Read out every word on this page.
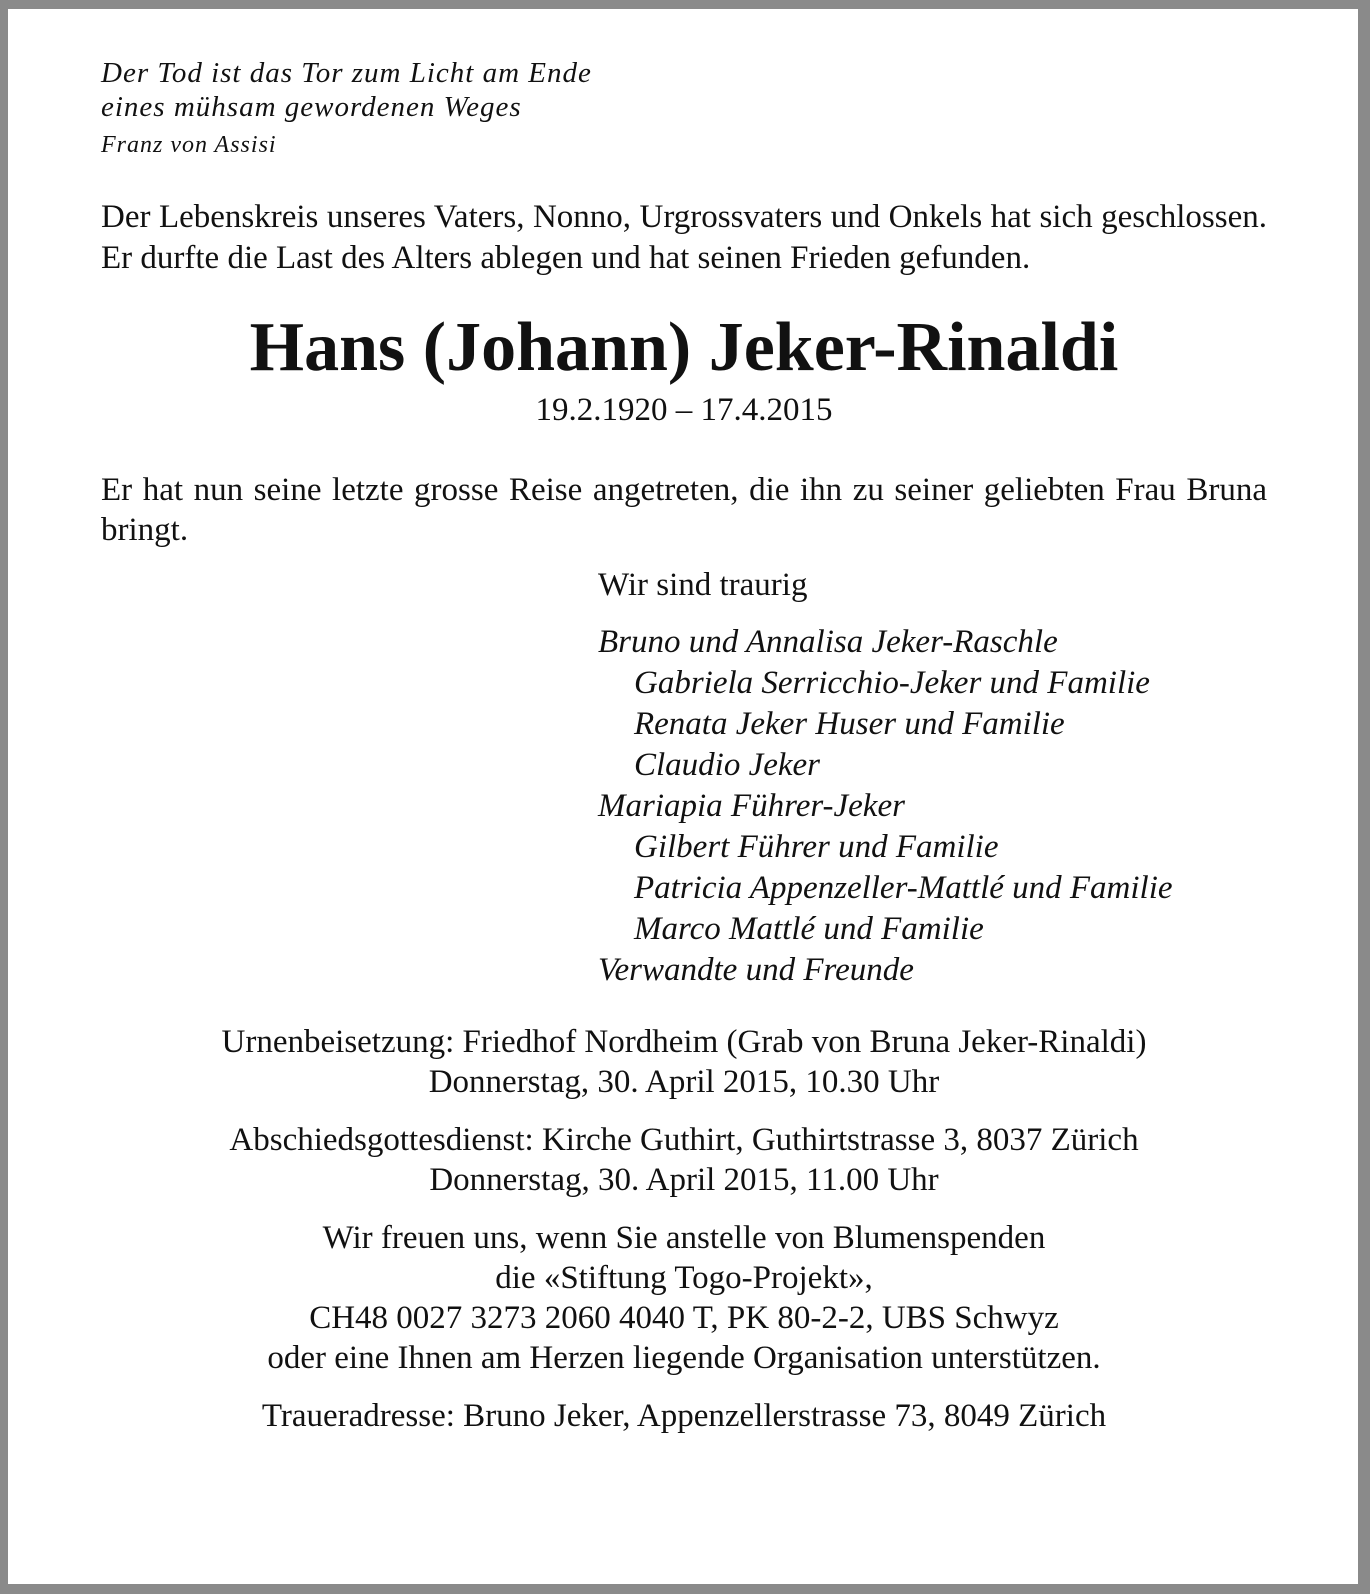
Der Tod ist das Tor zum Licht am Ende
eines mühsam gewordenen Weges
Franz von Assisi
Der Lebenskreis unseres Vaters, Nonno, Urgrossvaters und Onkels hat sich geschlossen. Er durfte die Last des Alters ablegen und hat seinen Frieden gefunden.
Hans (Johann) Jeker-Rinaldi
19.2.1920 – 17.4.2015
Er hat nun seine letzte grosse Reise angetreten, die ihn zu seiner geliebten Frau Bruna bringt.
Wir sind traurig
Bruno und Annalisa Jeker-Raschle
Gabriela Serricchio-Jeker und Familie
Renata Jeker Huser und Familie
Claudio Jeker
Mariapia Führer-Jeker
Gilbert Führer und Familie
Patricia Appenzeller-Mattlé und Familie
Marco Mattlé und Familie
Verwandte und Freunde
Urnenbeisetzung: Friedhof Nordheim (Grab von Bruna Jeker-Rinaldi)
Donnerstag, 30. April 2015, 10.30 Uhr
Abschiedsgottesdienst: Kirche Guthirt, Guthirtstrasse 3, 8037 Zürich
Donnerstag, 30. April 2015, 11.00 Uhr
Wir freuen uns, wenn Sie anstelle von Blumenspenden
die «Stiftung Togo-Projekt»,
CH48 0027 3273 2060 4040 T, PK 80-2-2, UBS Schwyz
oder eine Ihnen am Herzen liegende Organisation unterstützen.
Traueradresse: Bruno Jeker, Appenzellerstrasse 73, 8049 Zürich
